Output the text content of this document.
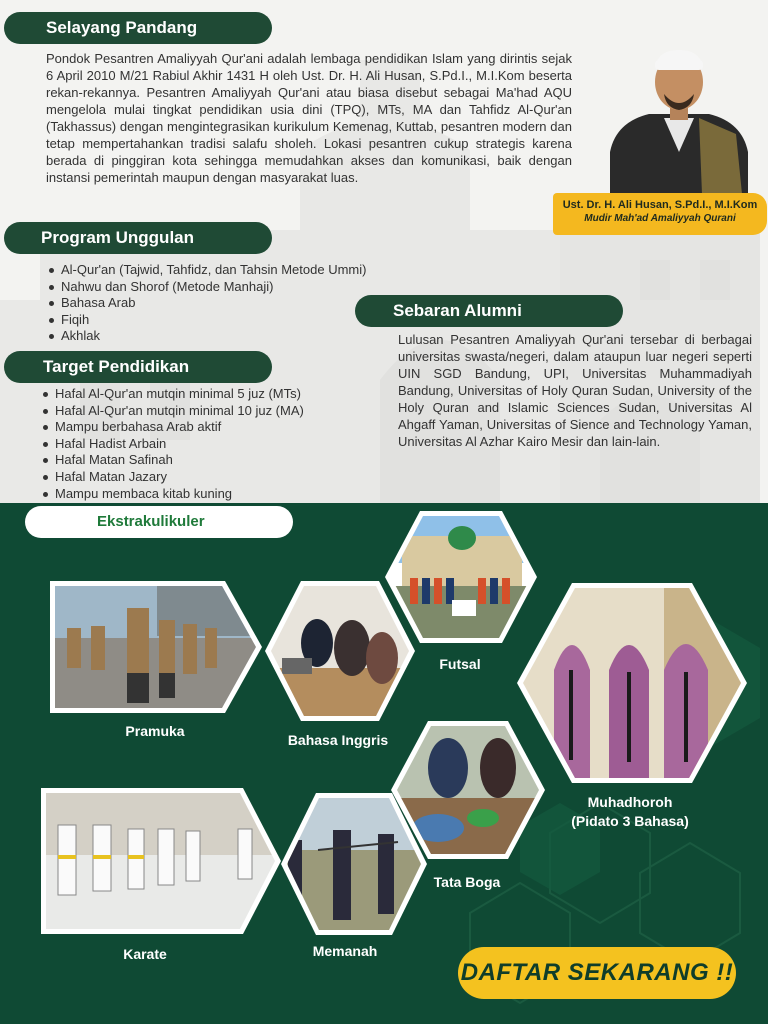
Selayang Pandang

Pondok Pesantren Amaliyyah Qur'ani adalah lembaga pendidikan Islam yang dirintis sejak 6 April 2010 M/21 Rabiul Akhir 1431 H oleh Ust. Dr. H. Ali Husan, S.Pd.I., M.I.Kom beserta rekan-rekannya. Pesantren Amaliyyah Qur'ani atau biasa disebut sebagai Ma'had AQU mengelola mulai tingkat pendidikan usia dini (TPQ), MTs, MA dan Tahfidz Al-Qur'an (Takhassus) dengan mengintegrasikan kurikulum Kemenag, Kuttab, pesantren modern dan tetap mempertahankan tradisi salafu sholeh. Lokasi pesantren cukup strategis karena berada di pinggiran kota sehingga memudahkan akses dan komunikasi, baik dengan instansi pemerintah maupun dengan masyarakat luas.

Ust. Dr. H. Ali Husan, S.Pd.I., M.I.Kom
Mudir Mah'ad Amaliyyah Qurani
Program Unggulan
Al-Qur'an (Tajwid, Tahfidz, dan Tahsin Metode Ummi)
Nahwu dan Shorof (Metode Manhaji)
Bahasa Arab
Fiqih
Akhlak
Target Pendidikan
Hafal Al-Qur'an mutqin minimal 5 juz (MTs)
Hafal Al-Qur'an mutqin minimal 10 juz (MA)
Mampu berbahasa Arab aktif
Hafal Hadist Arbain
Hafal Matan Safinah
Hafal Matan Jazary
Mampu membaca kitab kuning
Sebaran Alumni

Lulusan Pesantren Amaliyyah Qur'ani tersebar di berbagai universitas swasta/negeri, dalam ataupun luar negeri seperti UIN SGD Bandung, UPI, Universitas Muhammadiyah Bandung, Universitas of Holy Quran Sudan, University of the Holy Quran and Islamic Sciences Sudan, Universitas Al Ahgaff Yaman, Universitas of Sience and Technology Yaman, Universitas Al Azhar Kairo Mesir dan lain-lain.

Ekstrakulikuler
Pramuka
Bahasa Inggris
Futsal
Muhadhoroh
(Pidato 3 Bahasa)
Tata Boga
Karate	Memanah
DAFTAR SEKARANG !!
